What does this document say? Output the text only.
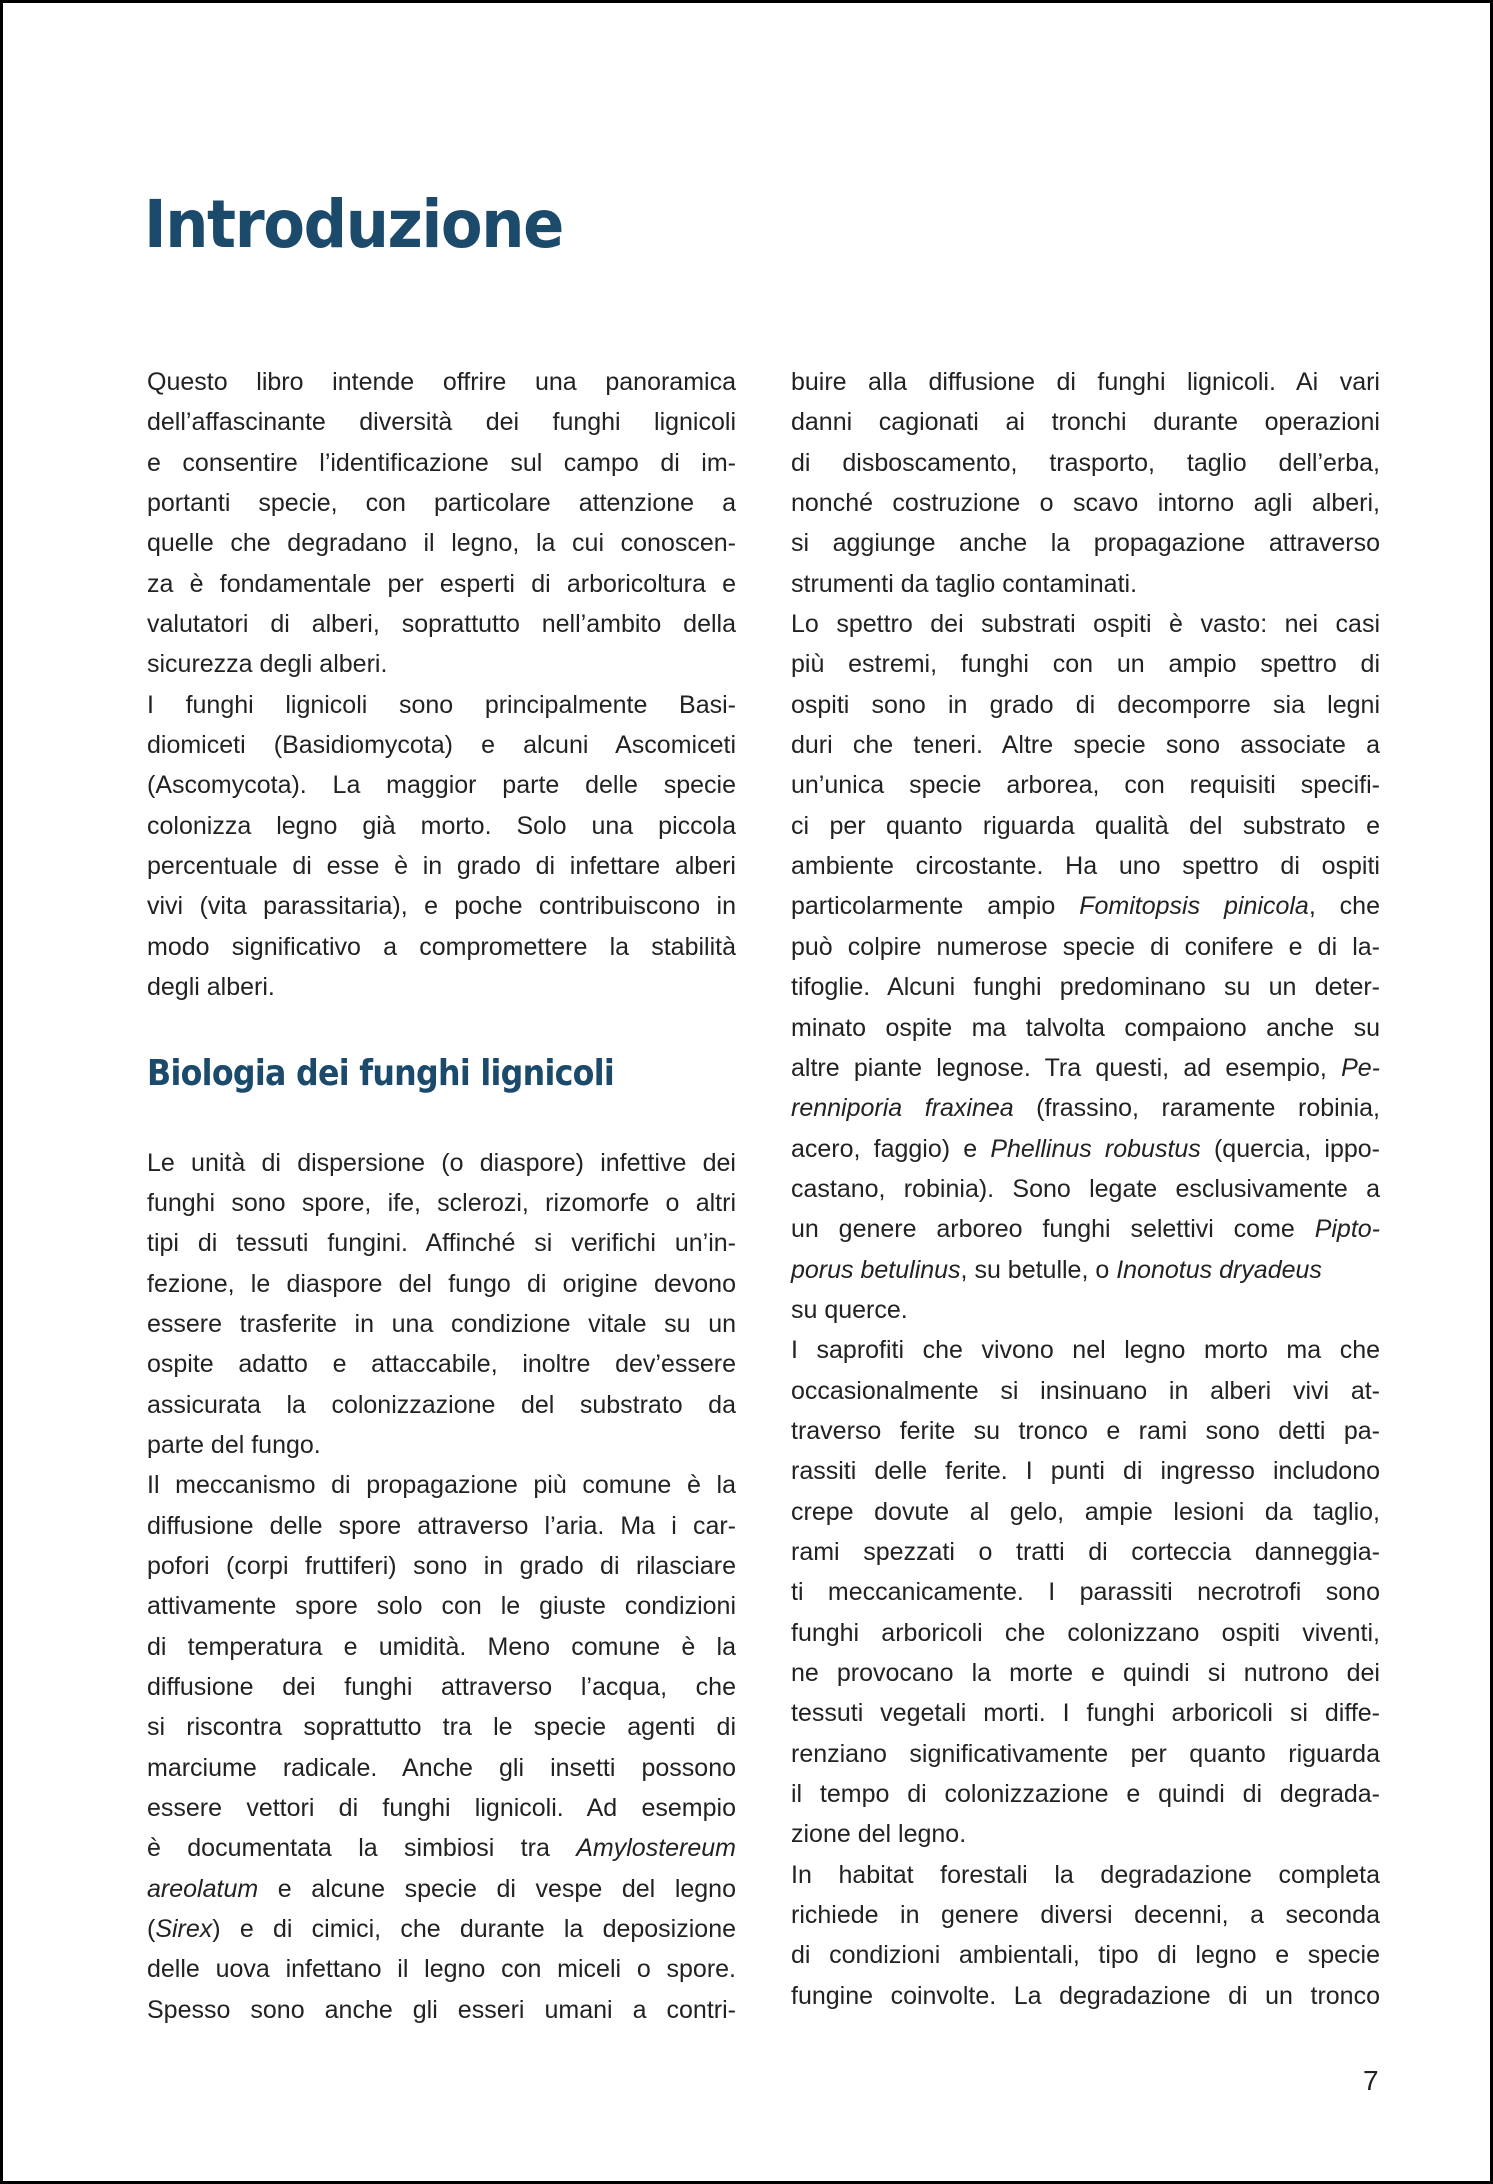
Introduzione
Questo libro intende offrire una panoramica
dell’affascinante diversità dei funghi lignicoli
e consentire l’identificazione sul campo di im-
portanti specie, con particolare attenzione a
quelle che degradano il legno, la cui conoscen-
za è fondamentale per esperti di arboricoltura e
valutatori di alberi, soprattutto nell’ambito della
sicurezza degli alberi.
I funghi lignicoli sono principalmente Basi-
diomiceti (Basidiomycota) e alcuni Ascomiceti
(Ascomycota). La maggior parte delle specie
colonizza legno già morto. Solo una piccola
percentuale di esse è in grado di infettare alberi
vivi (vita parassitaria), e poche contribuiscono in
modo significativo a compromettere la stabilità
degli alberi.
Biologia dei funghi lignicoli
Le unità di dispersione (o diaspore) infettive dei
funghi sono spore, ife, sclerozi, rizomorfe o altri
tipi di tessuti fungini. Affinché si verifichi un’in-
fezione, le diaspore del fungo di origine devono
essere trasferite in una condizione vitale su un
ospite adatto e attaccabile, inoltre dev’essere
assicurata la colonizzazione del substrato da
parte del fungo.
Il meccanismo di propagazione più comune è la
diffusione delle spore attraverso l’aria. Ma i car-
pofori (corpi fruttiferi) sono in grado di rilasciare
attivamente spore solo con le giuste condizioni
di temperatura e umidità. Meno comune è la
diffusione dei funghi attraverso l’acqua, che
si riscontra soprattutto tra le specie agenti di
marciume radicale. Anche gli insetti possono
essere vettori di funghi lignicoli. Ad esempio
è documentata la simbiosi tra Amylostereum
areolatum e alcune specie di vespe del legno
(Sirex) e di cimici, che durante la deposizione
delle uova infettano il legno con miceli o spore.
Spesso sono anche gli esseri umani a contri-
buire alla diffusione di funghi lignicoli. Ai vari
danni cagionati ai tronchi durante operazioni
di disboscamento, trasporto, taglio dell’erba,
nonché costruzione o scavo intorno agli alberi,
si aggiunge anche la propagazione attraverso
strumenti da taglio contaminati.
Lo spettro dei substrati ospiti è vasto: nei casi
più estremi, funghi con un ampio spettro di
ospiti sono in grado di decomporre sia legni
duri che teneri. Altre specie sono associate a
un’unica specie arborea, con requisiti specifi-
ci per quanto riguarda qualità del substrato e
ambiente circostante. Ha uno spettro di ospiti
particolarmente ampio Fomitopsis pinicola, che
può colpire numerose specie di conifere e di la-
tifoglie. Alcuni funghi predominano su un deter-
minato ospite ma talvolta compaiono anche su
altre piante legnose. Tra questi, ad esempio, Pe-
renniporia fraxinea (frassino, raramente robinia,
acero, faggio) e Phellinus robustus (quercia, ippo-
castano, robinia). Sono legate esclusivamente a
un genere arboreo funghi selettivi come Pipto-
porus betulinus, su betulle, o Inonotus dryadeus
su querce.
I saprofiti che vivono nel legno morto ma che
occasionalmente si insinuano in alberi vivi at-
traverso ferite su tronco e rami sono detti pa-
rassiti delle ferite. I punti di ingresso includono
crepe dovute al gelo, ampie lesioni da taglio,
rami spezzati o tratti di corteccia danneggia-
ti meccanicamente. I parassiti necrotrofi sono
funghi arboricoli che colonizzano ospiti viventi,
ne provocano la morte e quindi si nutrono dei
tessuti vegetali morti. I funghi arboricoli si diffe-
renziano significativamente per quanto riguarda
il tempo di colonizzazione e quindi di degrada-
zione del legno.
In habitat forestali la degradazione completa
richiede in genere diversi decenni, a seconda
di condizioni ambientali, tipo di legno e specie
fungine coinvolte. La degradazione di un tronco
7
